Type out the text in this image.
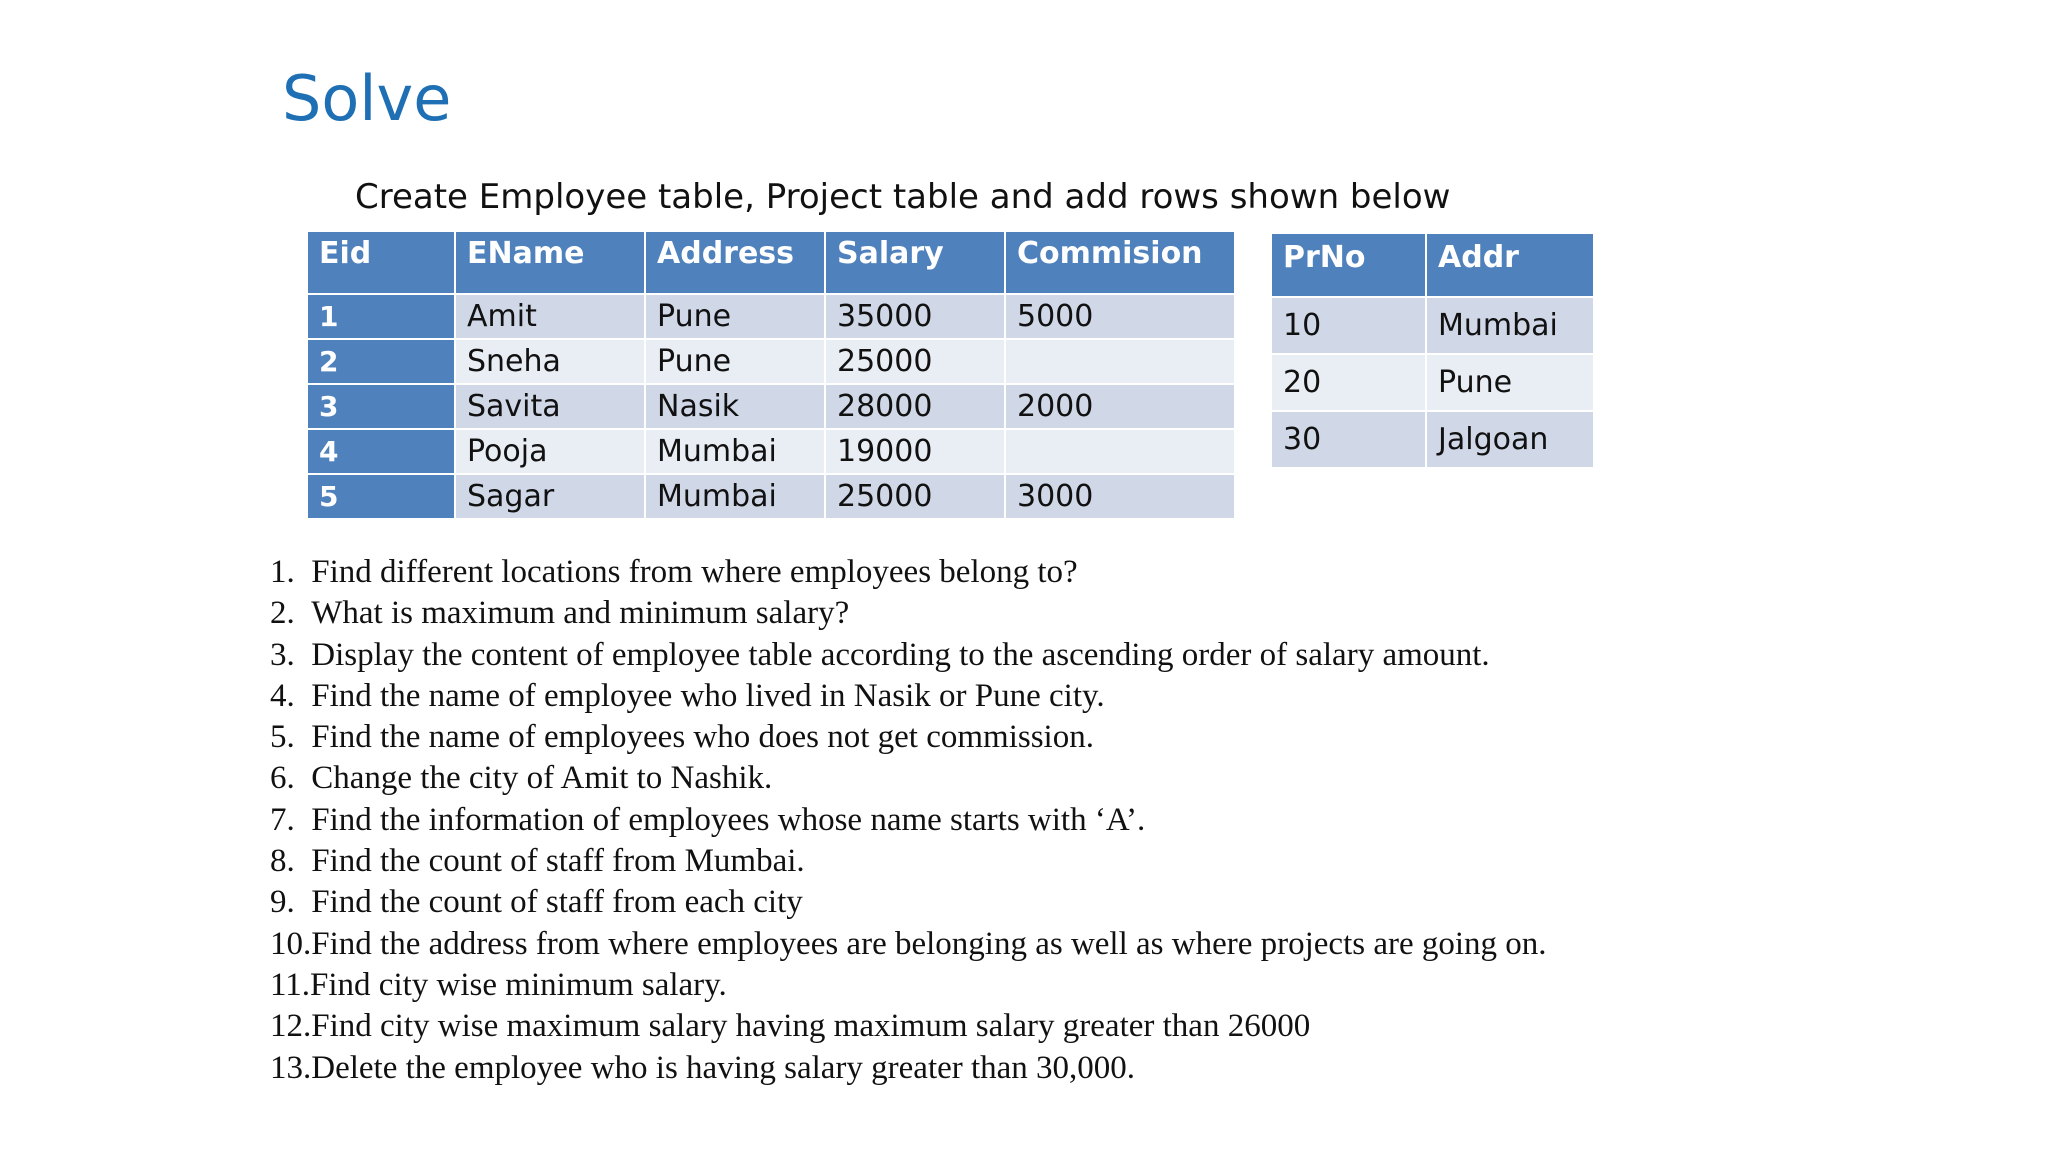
Solve
Create Employee table, Project table and add rows shown below
Eid	EName	Address	Salary	Commision
1	Amit	Pune	35000	5000
2	Sneha	Pune	25000	
3	Savita	Nasik	28000	2000
4	Pooja	Mumbai	19000	
5	Sagar	Mumbai	25000	3000
PrNo	Addr
10	Mumbai
20	Pune
30	Jalgoan
1.  Find different locations from where employees belong to?
2.  What is maximum and minimum salary?
3.  Display the content of employee table according to the ascending order of salary amount.
4.  Find the name of employee who lived in Nasik or Pune city.
5.  Find the name of employees who does not get commission.
6.  Change the city of Amit to Nashik.
7.  Find the information of employees whose name starts with ‘A’.
8.  Find the count of staff from Mumbai.
9.  Find the count of staff from each city
10.Find the address from where employees are belonging as well as where projects are going on.
11.Find city wise minimum salary.
12.Find city wise maximum salary having maximum salary greater than 26000
13.Delete the employee who is having salary greater than 30,000.
